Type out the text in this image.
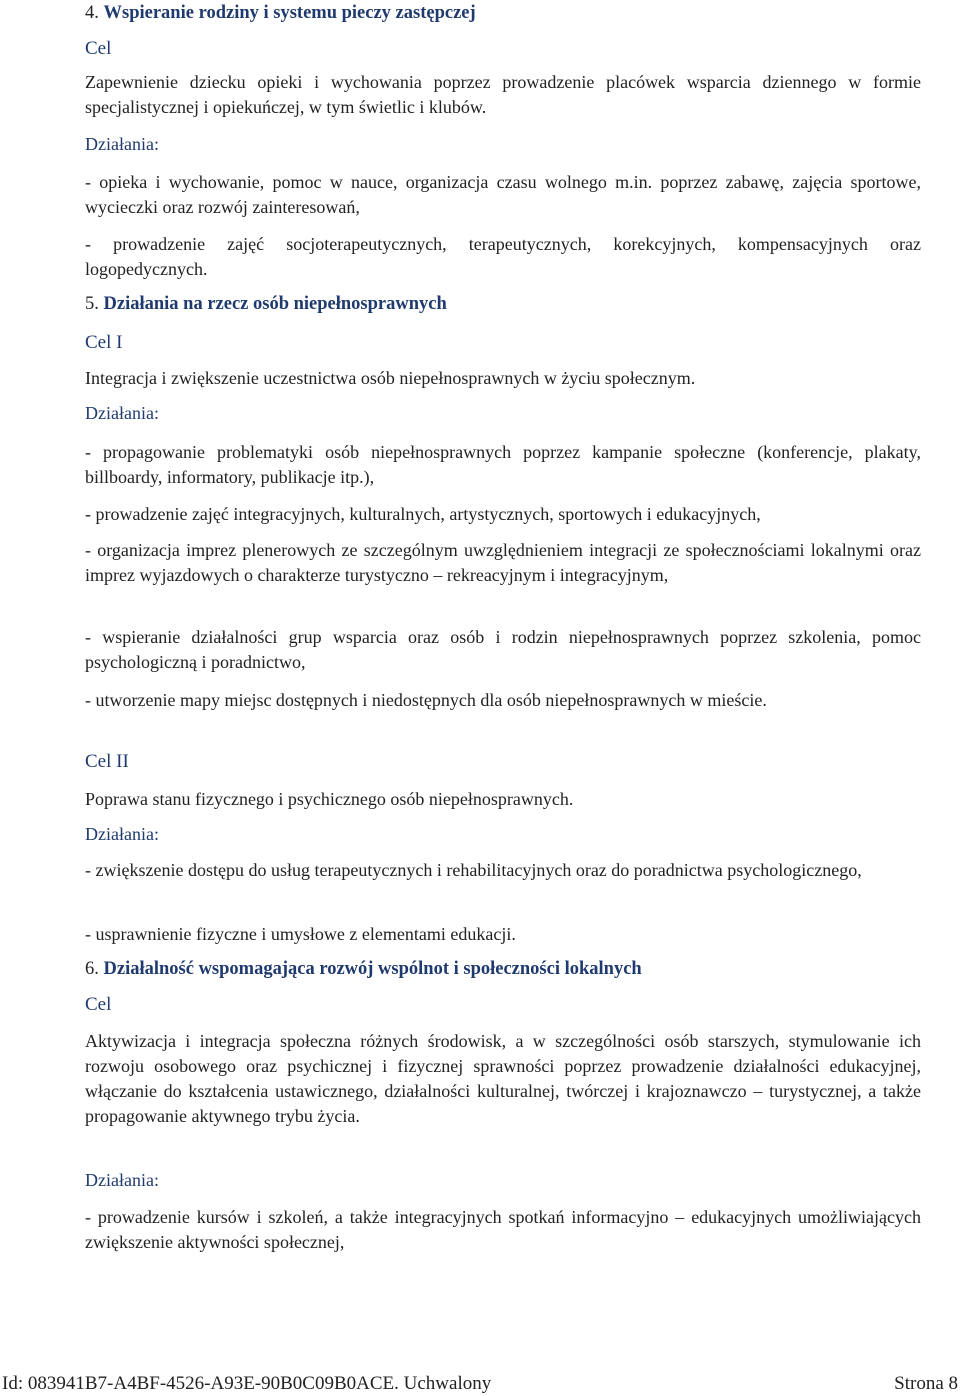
4. Wspieranie rodziny i systemu pieczy zastępczej

Cel

Zapewnienie dziecku opieki i wychowania poprzez prowadzenie placówek wsparcia dziennego w formie specjalistycznej i opiekuńczej, w tym świetlic i klubów.

Działania:

- opieka i wychowanie, pomoc w nauce, organizacja czasu wolnego m.in. poprzez zabawę, zajęcia sportowe, wycieczki oraz rozwój zainteresowań,

- prowadzenie zajęć socjoterapeutycznych, terapeutycznych, korekcyjnych, kompensacyjnych oraz logopedycznych.

5. Działania na rzecz osób niepełnosprawnych

Cel I

Integracja i zwiększenie uczestnictwa osób niepełnosprawnych w życiu społecznym.

Działania:

- propagowanie problematyki osób niepełnosprawnych poprzez kampanie społeczne (konferencje, plakaty, billboardy, informatory, publikacje itp.),

- prowadzenie zajęć integracyjnych, kulturalnych, artystycznych, sportowych i edukacyjnych,

- organizacja imprez plenerowych ze szczególnym uwzględnieniem integracji ze społecznościami lokalnymi oraz imprez wyjazdowych o charakterze turystyczno – rekreacyjnym i integracyjnym,

- wspieranie działalności grup wsparcia oraz osób i rodzin niepełnosprawnych poprzez szkolenia, pomoc psychologiczną i poradnictwo,

- utworzenie mapy miejsc dostępnych i niedostępnych dla osób niepełnosprawnych w mieście.

Cel II

Poprawa stanu fizycznego i psychicznego osób niepełnosprawnych.

Działania:

- zwiększenie dostępu do usług terapeutycznych i rehabilitacyjnych oraz do poradnictwa psychologicznego,

- usprawnienie fizyczne i umysłowe z elementami edukacji.

6. Działalność wspomagająca rozwój wspólnot i społeczności lokalnych

Cel

Aktywizacja i integracja społeczna różnych środowisk, a w szczególności osób starszych, stymulowanie ich rozwoju osobowego oraz psychicznej i fizycznej sprawności poprzez prowadzenie działalności edukacyjnej, włączanie do kształcenia ustawicznego, działalności kulturalnej, twórczej i krajoznawczo – turystycznej, a także propagowanie aktywnego trybu życia.

Działania:

- prowadzenie kursów i szkoleń, a także integracyjnych spotkań informacyjno – edukacyjnych umożliwiających zwiększenie aktywności społecznej,

Id: 083941B7-A4BF-4526-A93E-90B0C09B0ACE. Uchwalony	Strona 8
